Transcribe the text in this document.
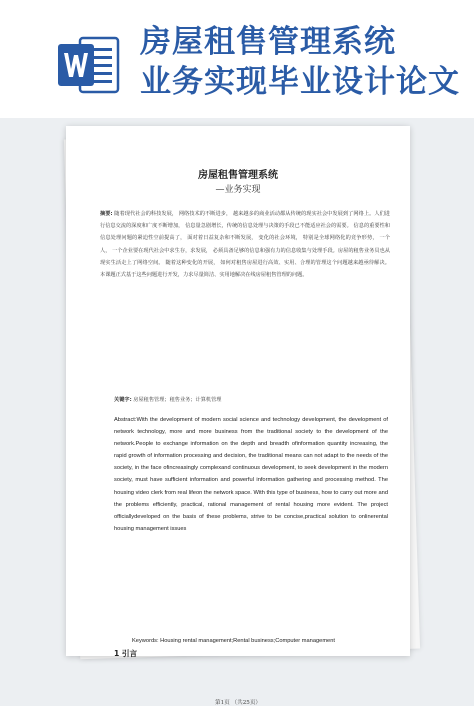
房屋租售管理系统
业务实现毕业设计论文
房屋租售管理系统
—业务实现
摘要: 随着现代社会的科技发展， 网络技术的不断进步， 越来越多的商业活动都从传统的现实社会中发展到了网络上。人们进行信息交流的深度和广度不断增加， 信息量急剧增长，传统的信息处理与决策的手段已不能适应社会的需要。 信息的重要性和信息处理问题的紧迫性空前提高了， 面对着日益复杂和不断发展， 变化的社会环境， 特别是全球网络化的竞争形势， 一个人， 一个企业要在现代社会中求生存，求发展， 必须具备足够的信息和强有力的信息收集与处理手段。房屋的租售业务员也从现实生活走上了网络空间。 随着这种变化的开展， 如何对租售房屋进行高效、实用、合理的管理这个问题越来越亟待解决。 本课题正式基于这些问题进行开发，力求尽量简洁、实用地解决在线房屋租售管理的问题。
关键字: 房屋租售管理；租售业务；计算机管理
Abstract:With the development of modern social science and technology development, the development of network technology, more and more business from the traditional society to the development of the network.People to exchange information on the depth and breadth ofinformation quantity increasing, the rapid growth of information processing and decision, the traditional means can not adapt to the needs of the society, in the face ofincreasingly complexand continuous development, to seek development in the modern society, must have sufficient information and powerful information gathering and processing method. The housing video clerk from real lifeon the network space. With this type of business, how to carry out more and the problems efficiently, practical, rational management of rental housing more evident. The project officiallydeveloped on the basis of these problems, strive to be concise,practical solution to onlinerental housing management issues
Keywords: Housing rental management;Rental business;Computer management
1 引言
第1页 （共25页）
